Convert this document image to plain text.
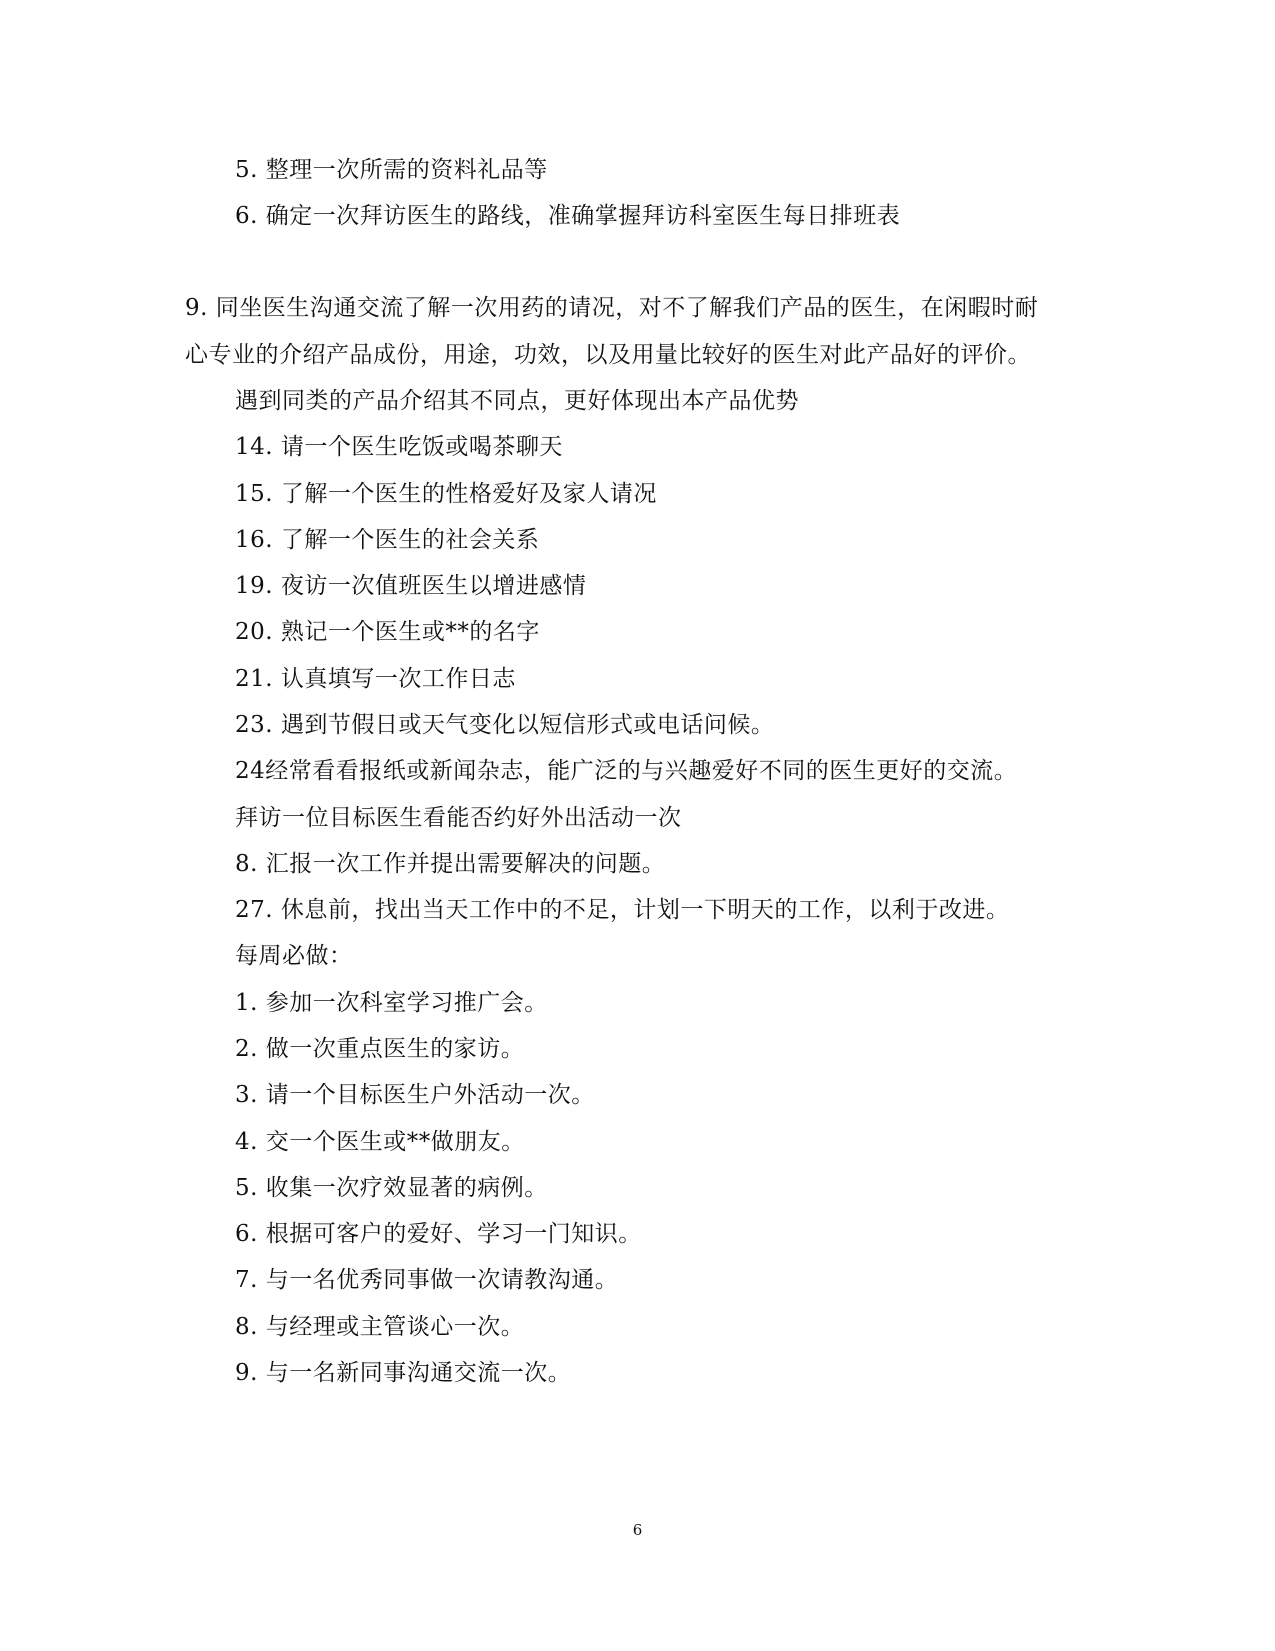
5. 整理一次所需的资料礼品等
6. 确定一次拜访医生的路线，准确掌握拜访科室医生每日排班表
9. 同坐医生沟通交流了解一次用药的请况，对不了解我们产品的医生，在闲暇时耐
心专业的介绍产品成份，用途，功效，以及用量比较好的医生对此产品好的评价。
遇到同类的产品介绍其不同点，更好体现出本产品优势
14. 请一个医生吃饭或喝茶聊天
15. 了解一个医生的性格爱好及家人请况
16. 了解一个医生的社会关系
19. 夜访一次值班医生以增进感情
20. 熟记一个医生或**的名字
21. 认真填写一次工作日志
23. 遇到节假日或天气变化以短信形式或电话问候。
24经常看看报纸或新闻杂志，能广泛的与兴趣爱好不同的医生更好的交流。
拜访一位目标医生看能否约好外出活动一次
8. 汇报一次工作并提出需要解决的问题。
27. 休息前，找出当天工作中的不足，计划一下明天的工作，以利于改进。
每周必做：
1. 参加一次科室学习推广会。
2. 做一次重点医生的家访。
3. 请一个目标医生户外活动一次。
4. 交一个医生或**做朋友。
5. 收集一次疗效显著的病例。
6. 根据可客户的爱好、学习一门知识。
7. 与一名优秀同事做一次请教沟通。
8. 与经理或主管谈心一次。
9. 与一名新同事沟通交流一次。
6
